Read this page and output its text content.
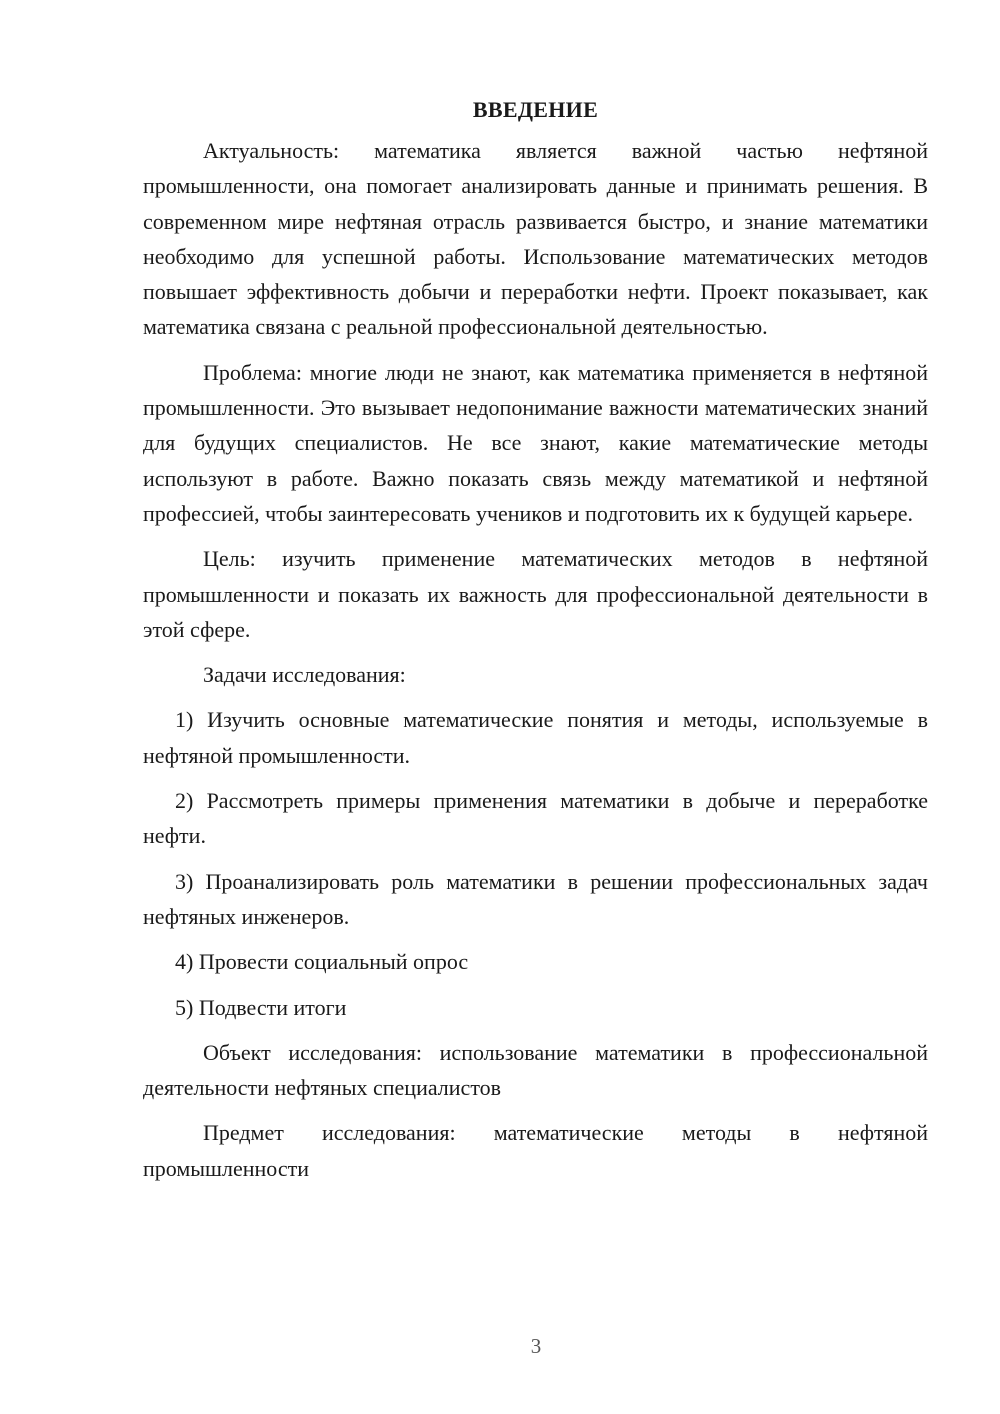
ВВЕДЕНИЕ

Актуальность: математика является важной частью нефтяной промышленности, она помогает анализировать данные и принимать решения. В современном мире нефтяная отрасль развивается быстро, и знание математики необходимо для успешной работы. Использование математических методов повышает эффективность добычи и переработки нефти. Проект показывает, как математика связана с реальной профессиональной деятельностью.

Проблема: многие люди не знают, как математика применяется в нефтяной промышленности. Это вызывает недопонимание важности математических знаний для будущих специалистов. Не все знают, какие математические методы используют в работе. Важно показать связь между математикой и нефтяной профессией, чтобы заинтересовать учеников и подготовить их к будущей карьере.

Цель: изучить применение математических методов в нефтяной промышленности и показать их важность для профессиональной деятельности в этой сфере.

Задачи исследования:

1) Изучить основные математические понятия и методы, используемые в нефтяной промышленности.

2) Рассмотреть примеры применения математики в добыче и переработке нефти.

3) Проанализировать роль математики в решении профессиональных задач нефтяных инженеров.

4) Провести социальный опрос

5) Подвести итоги

Объект исследования: использование математики в профессиональной деятельности нефтяных специалистов

Предмет исследования: математические методы в нефтяной промышленности

3
